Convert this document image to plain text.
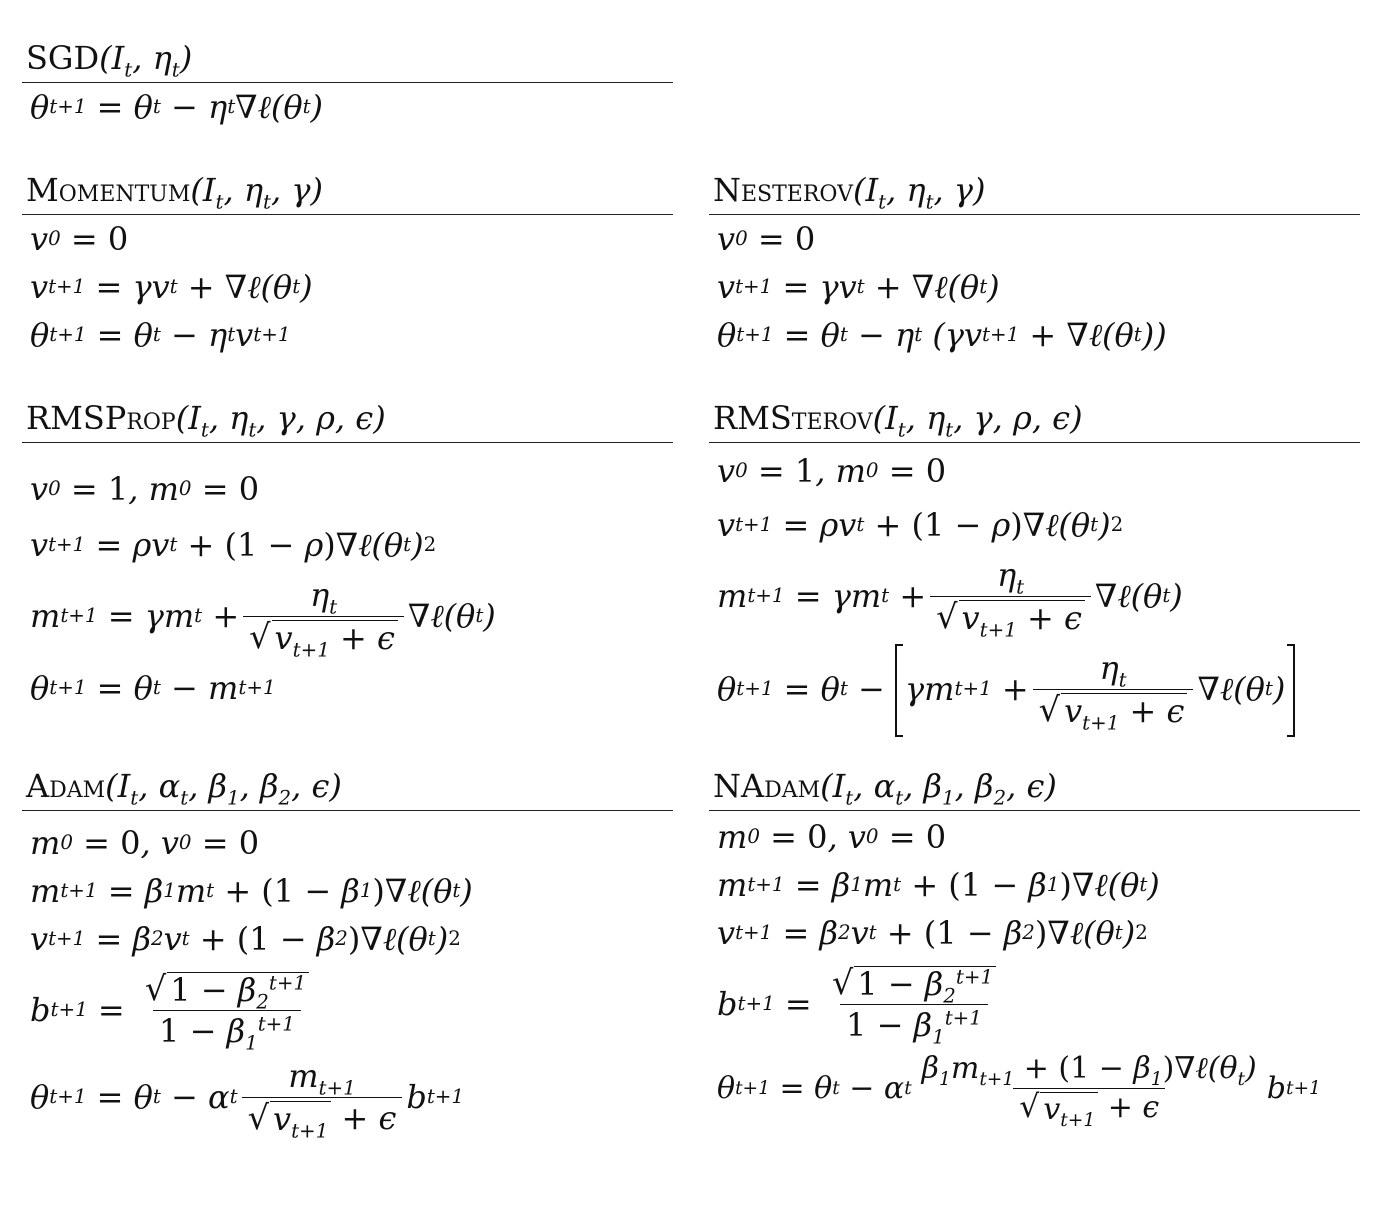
$SGD(I_t$, $\eta_t$)
θ t+1 = θ t − η t ∇ ℓ(θ t )
$Momentum(I_t$, $\eta_t$, γ)
v 0 = 0
v t+1 = γv t + ∇ ℓ(θ t )
θ t+1 = θ t − η t v t+1
$Nesterov(I_t$, $\eta_t$, γ)
v 0 = 0
v t+1 = γv t + ∇ ℓ(θ t )
θ t+1 = θ t − η t (γv t+1 + ∇ ℓ(θ t ))
$RMSProp(I_t$, $\eta_t$, γ, ρ, ϵ)
v 0 = 1 , m 0 = 0
v t+1 = ρv t + (1 − ρ )∇ ℓ(θ t ) 2
m t+1 = γm $t + \frac{\eta_t}{√ v_{t+1} + \epsilon}$ ∇ ℓ(θ t )
θ t+1 = θ t − m t+1
$RMSterov(I_t$, $\eta_t$, γ, ρ, ϵ)
v 0 = 1 , m 0 = 0
v t+1 = ρv t + (1 − ρ )∇ ℓ(θ t ) 2
m t+1 = γm $t + \frac{\eta_t}{√ v_{t+1} + \epsilon}$ ∇ ℓ(θ t )
θ t+1 = θ t − γm $t+1 + \frac{\eta_t}{√ v_{t+1} + \epsilon}$ ∇ ℓ(θ t )
$Adam(I_t$, $\alpha_t$, $\beta_1$, $\beta_2$, ϵ)
m 0 = 0 , v 0 = 0
m t+1 = β 1 m t + (1 − β 1 )∇ ℓ(θ t )
v t+1 = β 2 v t + (1 − β 2 )∇ ℓ(θ t ) 2
b $t+1 = \frac{√ 1 - \beta_2^{t+1}}{1 - \beta_1^{t+1}}$
θ t+1 = θ t − α t $\frac{m_{t+1}}{√ v_{t+1} + \epsilon}$ b t+1
$NAdam(I_t$, $\alpha_t$, $\beta_1$, $\beta_2$, ϵ)
m 0 = 0 , v 0 = 0
m t+1 = β 1 m t + (1 − β 1 )∇ ℓ(θ t )
v t+1 = β 2 v t + (1 − β 2 )∇ ℓ(θ t ) 2
b $t+1 = \frac{√ 1 - \beta_2^{t+1}}{1 - \beta_1^{t+1}}$
θ t+1 = θ t − α t $\frac{\beta_1m_{t+1} + (1 - \beta_1)\nabla\ell(\theta_t)}{√ v_{t+1} + \epsilon}$ b t+1
